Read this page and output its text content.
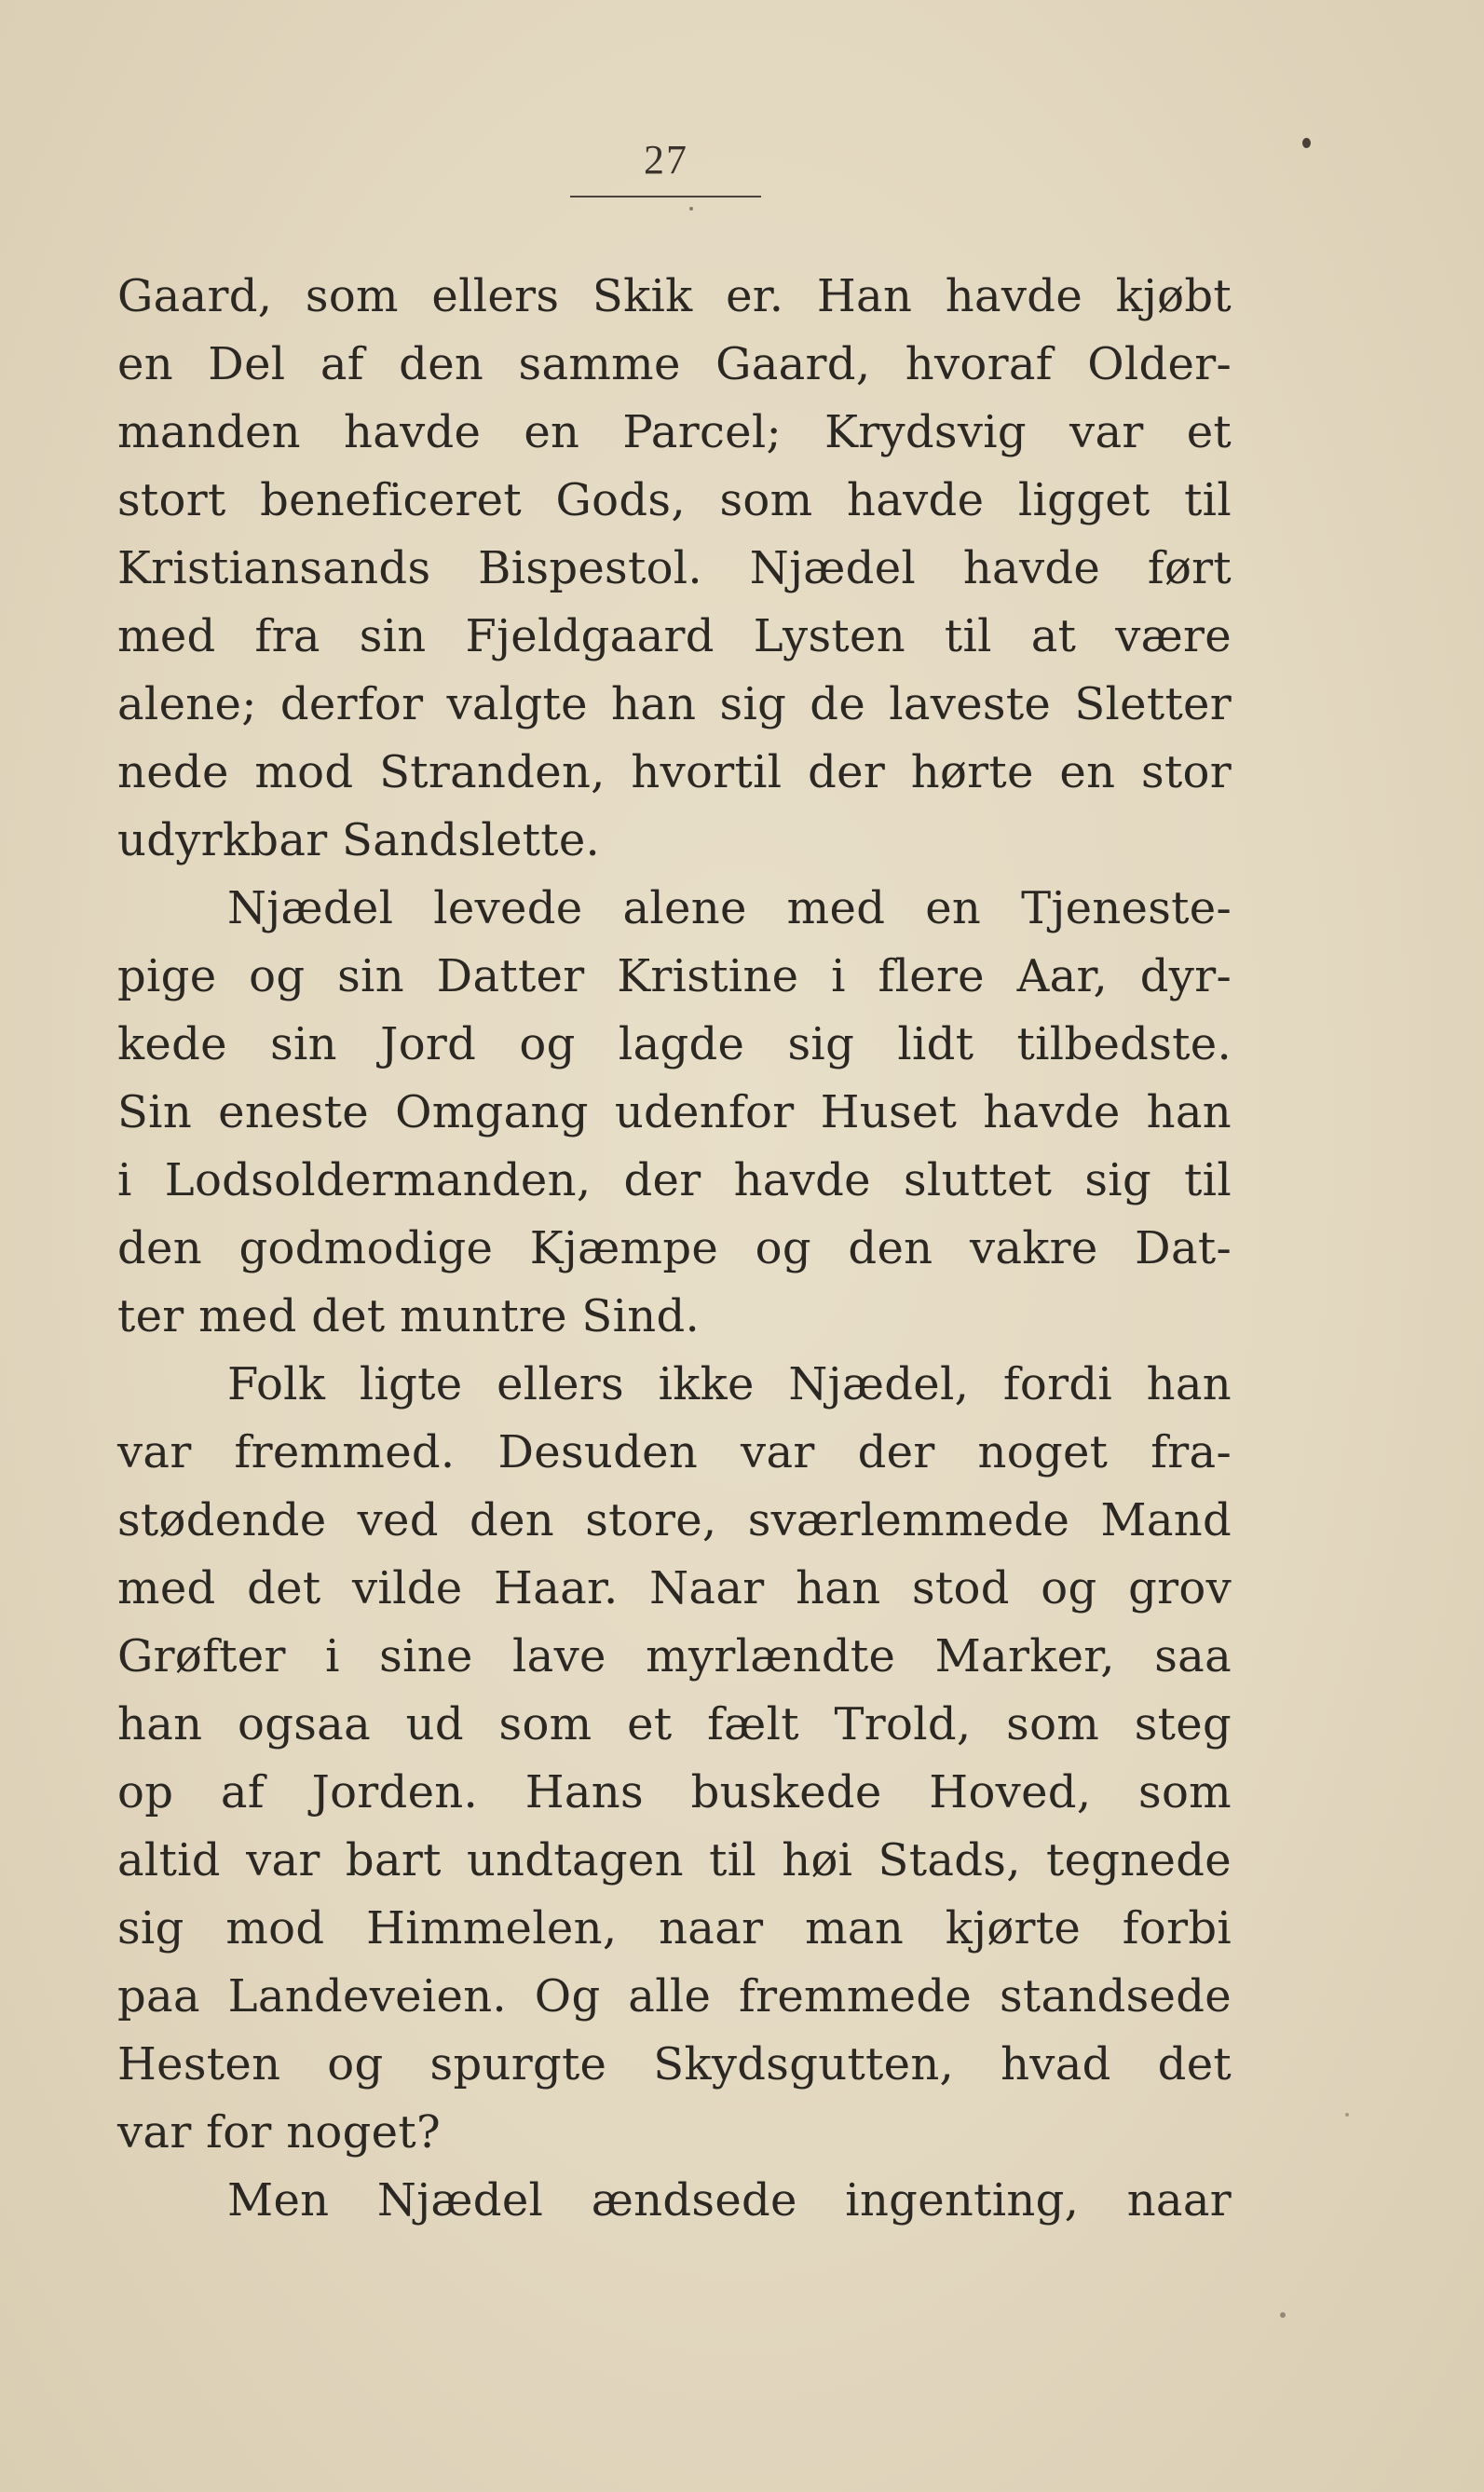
27
Gaard, som ellers Skik er. Han havde kjøbt
en Del af den samme Gaard, hvoraf Older-
manden havde en Parcel; Krydsvig var et
stort beneficeret Gods, som havde ligget til
Kristiansands Bispestol. Njædel havde ført
med fra sin Fjeldgaard Lysten til at være
alene; derfor valgte han sig de laveste Sletter
nede mod Stranden, hvortil der hørte en stor
udyrkbar Sandslette.
Njædel levede alene med en Tjeneste-
pige og sin Datter Kristine i flere Aar, dyr-
kede sin Jord og lagde sig lidt tilbedste.
Sin eneste Omgang udenfor Huset havde han
i Lodsoldermanden, der havde sluttet sig til
den godmodige Kjæmpe og den vakre Dat-
ter med det muntre Sind.
Folk ligte ellers ikke Njædel, fordi han
var fremmed. Desuden var der noget fra-
stødende ved den store, sværlemmede Mand
med det vilde Haar. Naar han stod og grov
Grøfter i sine lave myrlændte Marker, saa
han ogsaa ud som et fælt Trold, som steg
op af Jorden. Hans buskede Hoved, som
altid var bart undtagen til høi Stads, tegnede
sig mod Himmelen, naar man kjørte forbi
paa Landeveien. Og alle fremmede standsede
Hesten og spurgte Skydsgutten, hvad det
var for noget?
Men Njædel ændsede ingenting, naar
